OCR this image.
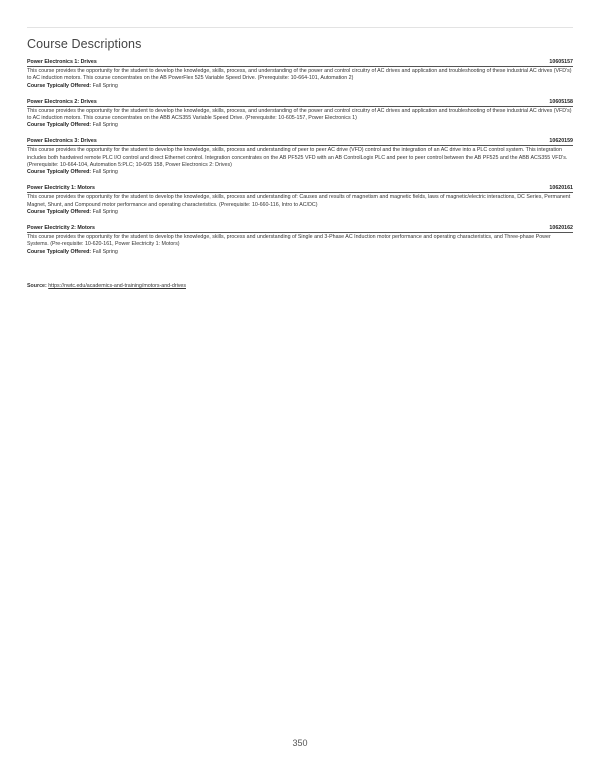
Course Descriptions
Power Electronics 1: Drives	10605157
This course provides the opportunity for the student to develop the knowledge, skills, process, and understanding of the power and control circuitry of AC drives and application and troubleshooting of these industrial AC drives (VFD's) to AC induction motors. This course concentrates on the AB PowerFlex 525 Variable Speed Drive. (Prerequisite: 10-664-101, Automation 2)
Course Typically Offered: Fall Spring
Power Electronics 2: Drives	10605158
This course provides the opportunity for the student to develop the knowledge, skills, process, and understanding of the power and control circuitry of AC drives and application and troubleshooting of these industrial AC drives (VFD's) to AC induction motors. This course concentrates on the ABB ACS355 Variable Speed Drive. (Prerequisite: 10-605-157, Power Electronics 1)
Course Typically Offered: Fall Spring
Power Electronics 3: Drives	10620159
This course provides the opportunity for the student to develop the knowledge, skills, process and understanding of peer to peer AC drive (VFD) control and the integration of an AC drive into a PLC control system. This integration includes both hardwired remote PLC I/O control and direct Ethernet control. Integration concentrates on the AB PF525 VFD with an AB ControlLogix PLC and peer to peer control between the AB PF525 and the ABB ACS355 VFD's. (Prerequisite: 10-664-104, Automation 5:PLC; 10-605 158, Power Electronics 2: Drives)
Course Typically Offered: Fall Spring
Power Electricity 1: Motors	10620161
This course provides the opportunity for the student to develop the knowledge, skills, process and understanding of: Causes and results of magnetism and magnetic fields, laws of magnetic/electric interactions, DC Series, Permanent Magnet, Shunt, and Compound motor performance and operating characteristics. (Prerequisite: 10-660-116, Intro to AC/DC)
Course Typically Offered: Fall Spring
Power Electricity 2: Motors	10620162
This course provides the opportunity for the student to develop the knowledge, skills, process and understanding of Single and 3-Phase AC Induction motor performance and operating characteristics, and Three-phase Power Systems. (Pre-requisite: 10-620-161, Power Electricity 1: Motors)
Course Typically Offered: Fall Spring
Source: https://nwtc.edu/academics-and-training/motors-and-drives
350
